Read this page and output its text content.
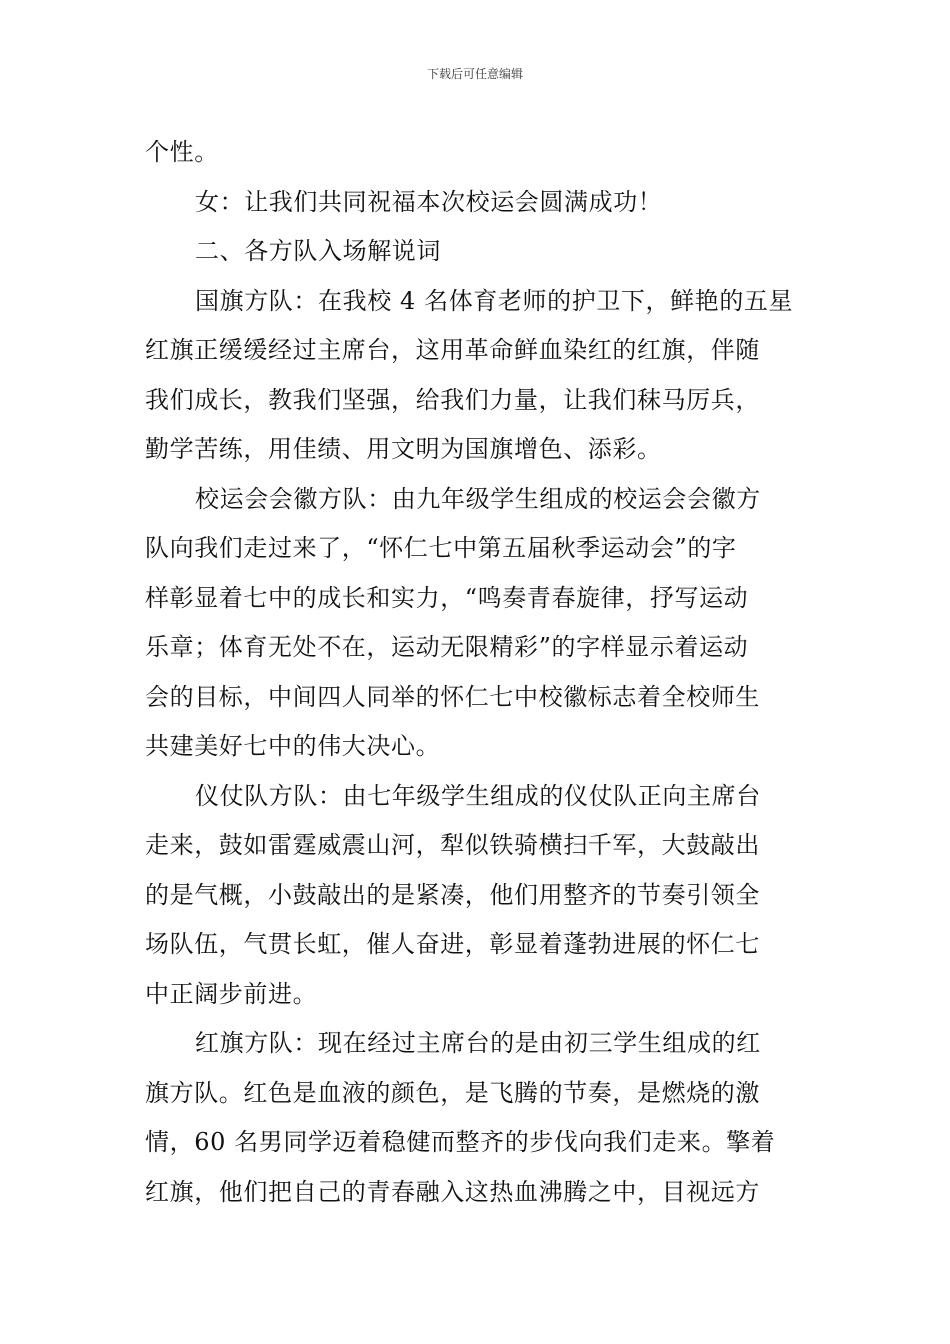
下载后可任意编辑
个性。
女：让我们共同祝福本次校运会圆满成功！
二、各方队入场解说词
国旗方队：在我校 4 名体育老师的护卫下，鲜艳的五星
红旗正缓缓经过主席台，这用革命鲜血染红的红旗，伴随
我们成长，教我们坚强，给我们力量，让我们秣马厉兵，
勤学苦练，用佳绩、用文明为国旗增色、添彩。
校运会会徽方队：由九年级学生组成的校运会会徽方
队向我们走过来了，“怀仁七中第五届秋季运动会”的字
样彰显着七中的成长和实力，“鸣奏青春旋律，抒写运动
乐章；体育无处不在，运动无限精彩”的字样显示着运动
会的目标，中间四人同举的怀仁七中校徽标志着全校师生
共建美好七中的伟大决心。
仪仗队方队：由七年级学生组成的仪仗队正向主席台
走来，鼓如雷霆威震山河，犁似铁骑横扫千军，大鼓敲出
的是气概，小鼓敲出的是紧凑，他们用整齐的节奏引领全
场队伍，气贯长虹，催人奋进，彰显着蓬勃进展的怀仁七
中正阔步前进。
红旗方队：现在经过主席台的是由初三学生组成的红
旗方队。红色是血液的颜色，是飞腾的节奏，是燃烧的激
情，60 名男同学迈着稳健而整齐的步伐向我们走来。擎着
红旗，他们把自己的青春融入这热血沸腾之中，目视远方
